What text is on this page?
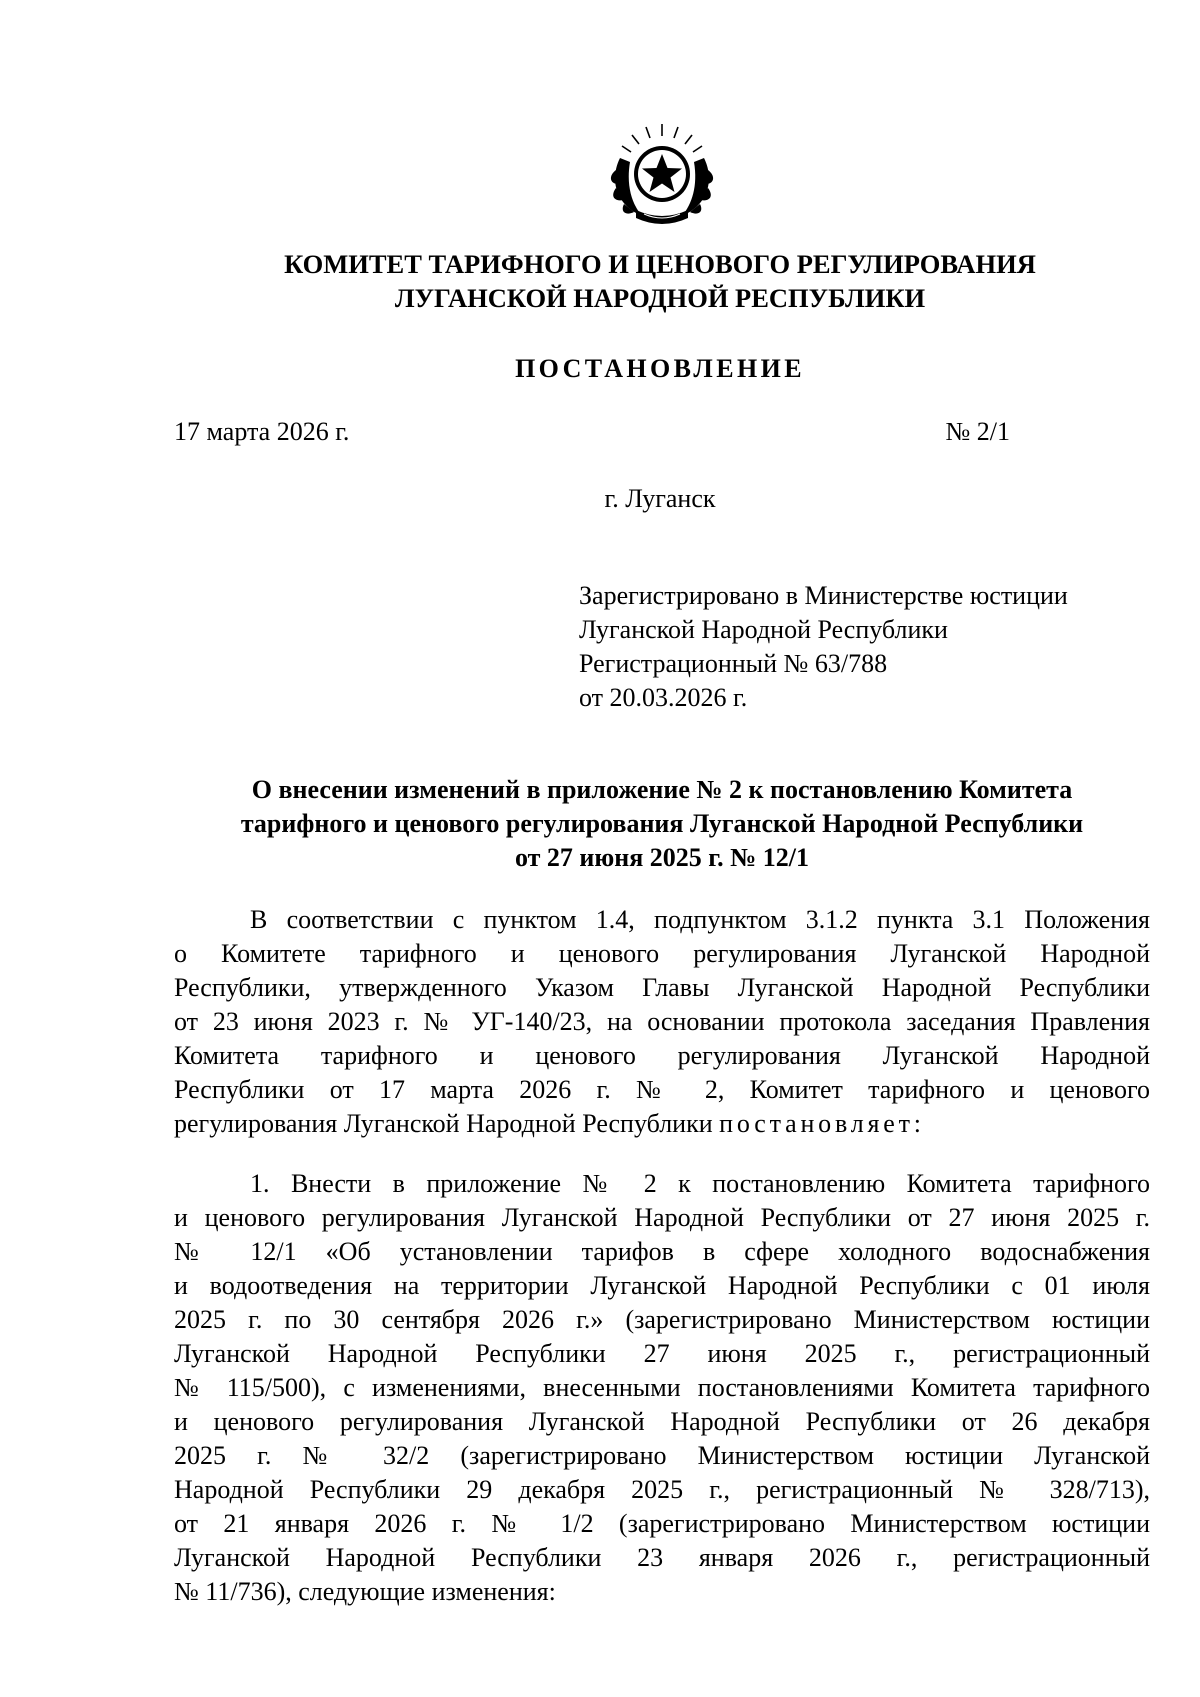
КОМИТЕТ ТАРИФНОГО И ЦЕНОВОГО РЕГУЛИРОВАНИЯ
ЛУГАНСКОЙ НАРОДНОЙ РЕСПУБЛИКИ
ПОСТАНОВЛЕНИЕ
17 марта 2026 г.	№ 2/1
г. Луганск
Зарегистрировано в Министерстве юстиции
Луганской Народной Республики
Регистрационный № 63/788
от 20.03.2026 г.
О внесении изменений в приложение № 2 к постановлению Комитета
тарифного и ценового регулирования Луганской Народной Республики
от 27 июня 2025 г. № 12/1
В соответствии с пунктом 1.4, подпунктом 3.1.2 пункта 3.1 Положения
о Комитете тарифного и ценового регулирования Луганской Народной
Республики, утвержденного Указом Главы Луганской Народной Республики
от 23 июня 2023 г. № УГ-140/23, на основании протокола заседания Правления
Комитета тарифного и ценового регулирования Луганской Народной
Республики от 17 марта 2026 г. № 2, Комитет тарифного и ценового
регулирования Луганской Народной Республики постановляет:
1. Внести в приложение № 2 к постановлению Комитета тарифного
и ценового регулирования Луганской Народной Республики от 27 июня 2025 г.
№ 12/1 «Об установлении тарифов в сфере холодного водоснабжения
и водоотведения на территории Луганской Народной Республики с 01 июля
2025 г. по 30 сентября 2026 г.» (зарегистрировано Министерством юстиции
Луганской Народной Республики 27 июня 2025 г., регистрационный
№ 115/500), с изменениями, внесенными постановлениями Комитета тарифного
и ценового регулирования Луганской Народной Республики от 26 декабря
2025 г. № 32/2 (зарегистрировано Министерством юстиции Луганской
Народной Республики 29 декабря 2025 г., регистрационный № 328/713),
от 21 января 2026 г. № 1/2 (зарегистрировано Министерством юстиции
Луганской Народной Республики 23 января 2026 г., регистрационный
№ 11/736), следующие изменения:
